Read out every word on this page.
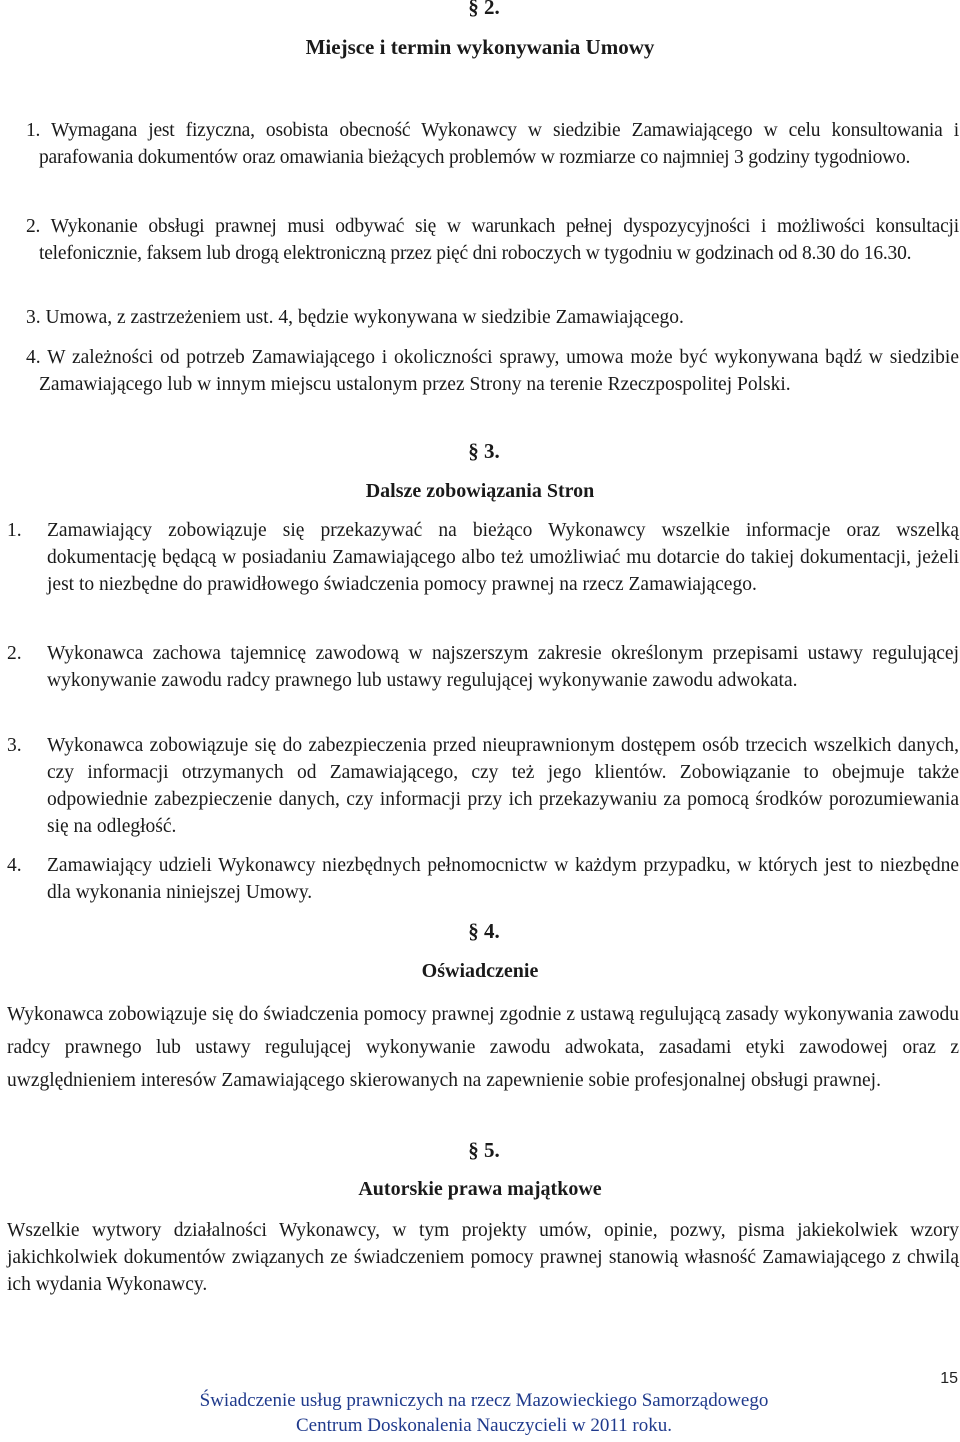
§ 2.
Miejsce i termin wykonywania Umowy
1. Wymagana jest fizyczna, osobista obecność Wykonawcy w siedzibie Zamawiającego w celu konsultowania i parafowania dokumentów oraz omawiania bieżących problemów w rozmiarze co najmniej 3 godziny tygodniowo.
2. Wykonanie obsługi prawnej musi odbywać się w warunkach pełnej dyspozycyjności i możliwości konsultacji telefonicznie, faksem lub drogą elektroniczną przez pięć dni roboczych w tygodniu w godzinach od 8.30 do 16.30.
3. Umowa, z zastrzeżeniem ust. 4, będzie wykonywana w siedzibie Zamawiającego.
4. W zależności od potrzeb Zamawiającego i okoliczności sprawy, umowa może być wykonywana bądź w siedzibie Zamawiającego lub w innym miejscu ustalonym przez Strony na terenie Rzeczpospolitej Polski.
§ 3.
Dalsze zobowiązania Stron
1. Zamawiający zobowiązuje się przekazywać na bieżąco Wykonawcy wszelkie informacje oraz wszelką dokumentację będącą w posiadaniu Zamawiającego albo też umożliwiać mu dotarcie do takiej dokumentacji, jeżeli jest to niezbędne do prawidłowego świadczenia pomocy prawnej na rzecz Zamawiającego.
2. Wykonawca zachowa tajemnicę zawodową w najszerszym zakresie określonym przepisami ustawy regulującej wykonywanie zawodu radcy prawnego lub ustawy regulującej wykonywanie zawodu adwokata.
3. Wykonawca zobowiązuje się do zabezpieczenia przed nieuprawnionym dostępem osób trzecich wszelkich danych, czy informacji otrzymanych od Zamawiającego, czy też jego klientów. Zobowiązanie to obejmuje także odpowiednie zabezpieczenie danych, czy informacji przy ich przekazywaniu za pomocą środków porozumiewania się na odległość.
4. Zamawiający udzieli Wykonawcy niezbędnych pełnomocnictw w każdym przypadku, w których jest to niezbędne dla wykonania niniejszej Umowy.
§ 4.
Oświadczenie
Wykonawca zobowiązuje się do świadczenia pomocy prawnej zgodnie z ustawą regulującą zasady wykonywania zawodu radcy prawnego lub ustawy regulującej wykonywanie zawodu adwokata, zasadami etyki zawodowej oraz z uwzględnieniem interesów Zamawiającego skierowanych na zapewnienie sobie profesjonalnej obsługi prawnej.
§ 5.
Autorskie prawa majątkowe
Wszelkie wytwory działalności Wykonawcy, w tym projekty umów, opinie, pozwy, pisma jakiekolwiek wzory jakichkolwiek dokumentów związanych ze świadczeniem pomocy prawnej stanowią własność Zamawiającego z chwilą ich wydania Wykonawcy.
15
Świadczenie usług prawniczych na rzecz Mazowieckiego Samorządowego
Centrum Doskonalenia Nauczycieli w 2011 roku.
